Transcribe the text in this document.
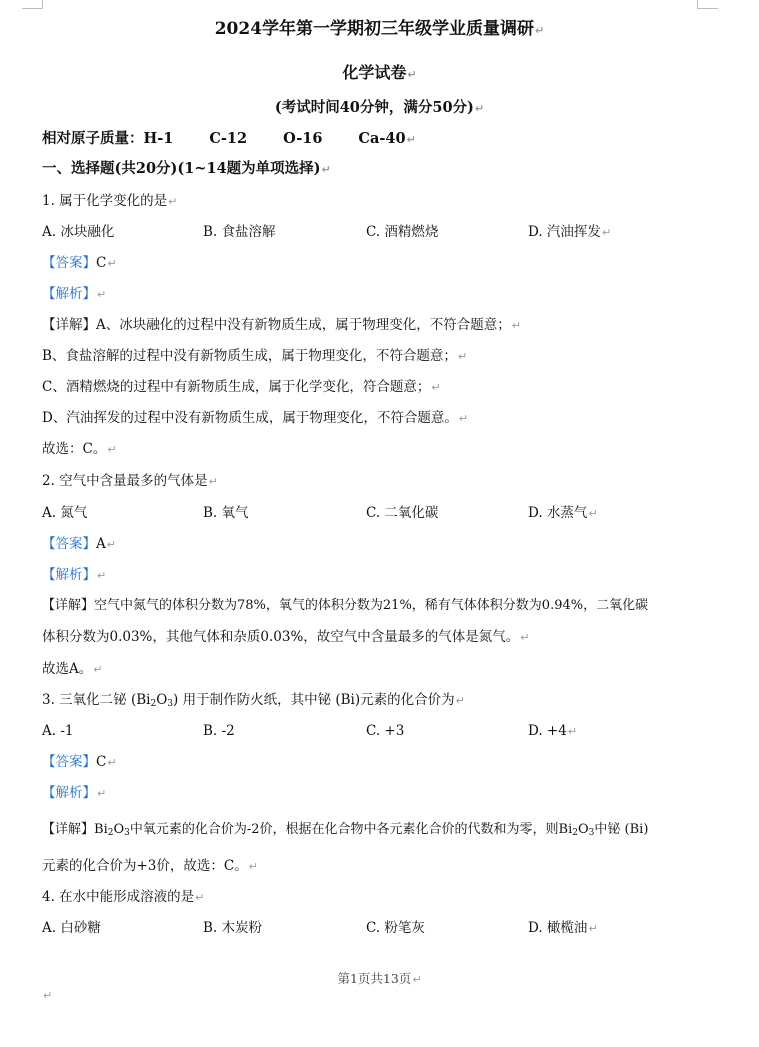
2024学年第一学期初三年级学业质量调研↵
化学试卷↵
(考试时间40分钟，满分50分)↵
相对原子质量：H-1 C-12 O-16 Ca-40↵
一、选择题(共20分)(1~14题为单项选择)↵
1. 属于化学变化的是↵
A. 冰块融化	B. 食盐溶解	C. 酒精燃烧	D. 汽油挥发↵
【答案】C↵
【解析】↵
【详解】A、冰块融化的过程中没有新物质生成，属于物理变化，不符合题意；↵
B、食盐溶解的过程中没有新物质生成，属于物理变化，不符合题意；↵
C、酒精燃烧的过程中有新物质生成，属于化学变化，符合题意；↵
D、汽油挥发的过程中没有新物质生成，属于物理变化，不符合题意。↵
故选：C。↵
2. 空气中含量最多的气体是↵
A. 氮气	B. 氧气	C. 二氧化碳	D. 水蒸气↵
【答案】A↵
【解析】↵
【详解】空气中氮气的体积分数为78%，氧气的体积分数为21%，稀有气体体积分数为0.94%，二氧化碳
体积分数为0.03%，其他气体和杂质0.03%，故空气中含量最多的气体是氮气。↵
故选A。↵
3. 三氧化二铋 $(Bi_2O_3)$ 用于制作防火纸，其中铋 (Bi)元素的化合价为↵
A. -1	B. -2	C. +3	D. +4↵
【答案】C↵
【解析】↵
【详解】$Bi_2O_3$中氧元素的化合价为-2价，根据在化合物中各元素化合价的代数和为零，则$Bi_2O_3$中铋 (Bi)
元素的化合价为+3价，故选：C。↵
4. 在水中能形成溶液的是↵
A. 白砂糖	B. 木炭粉	C. 粉笔灰	D. 橄榄油↵
第1页共13页↵
↵
